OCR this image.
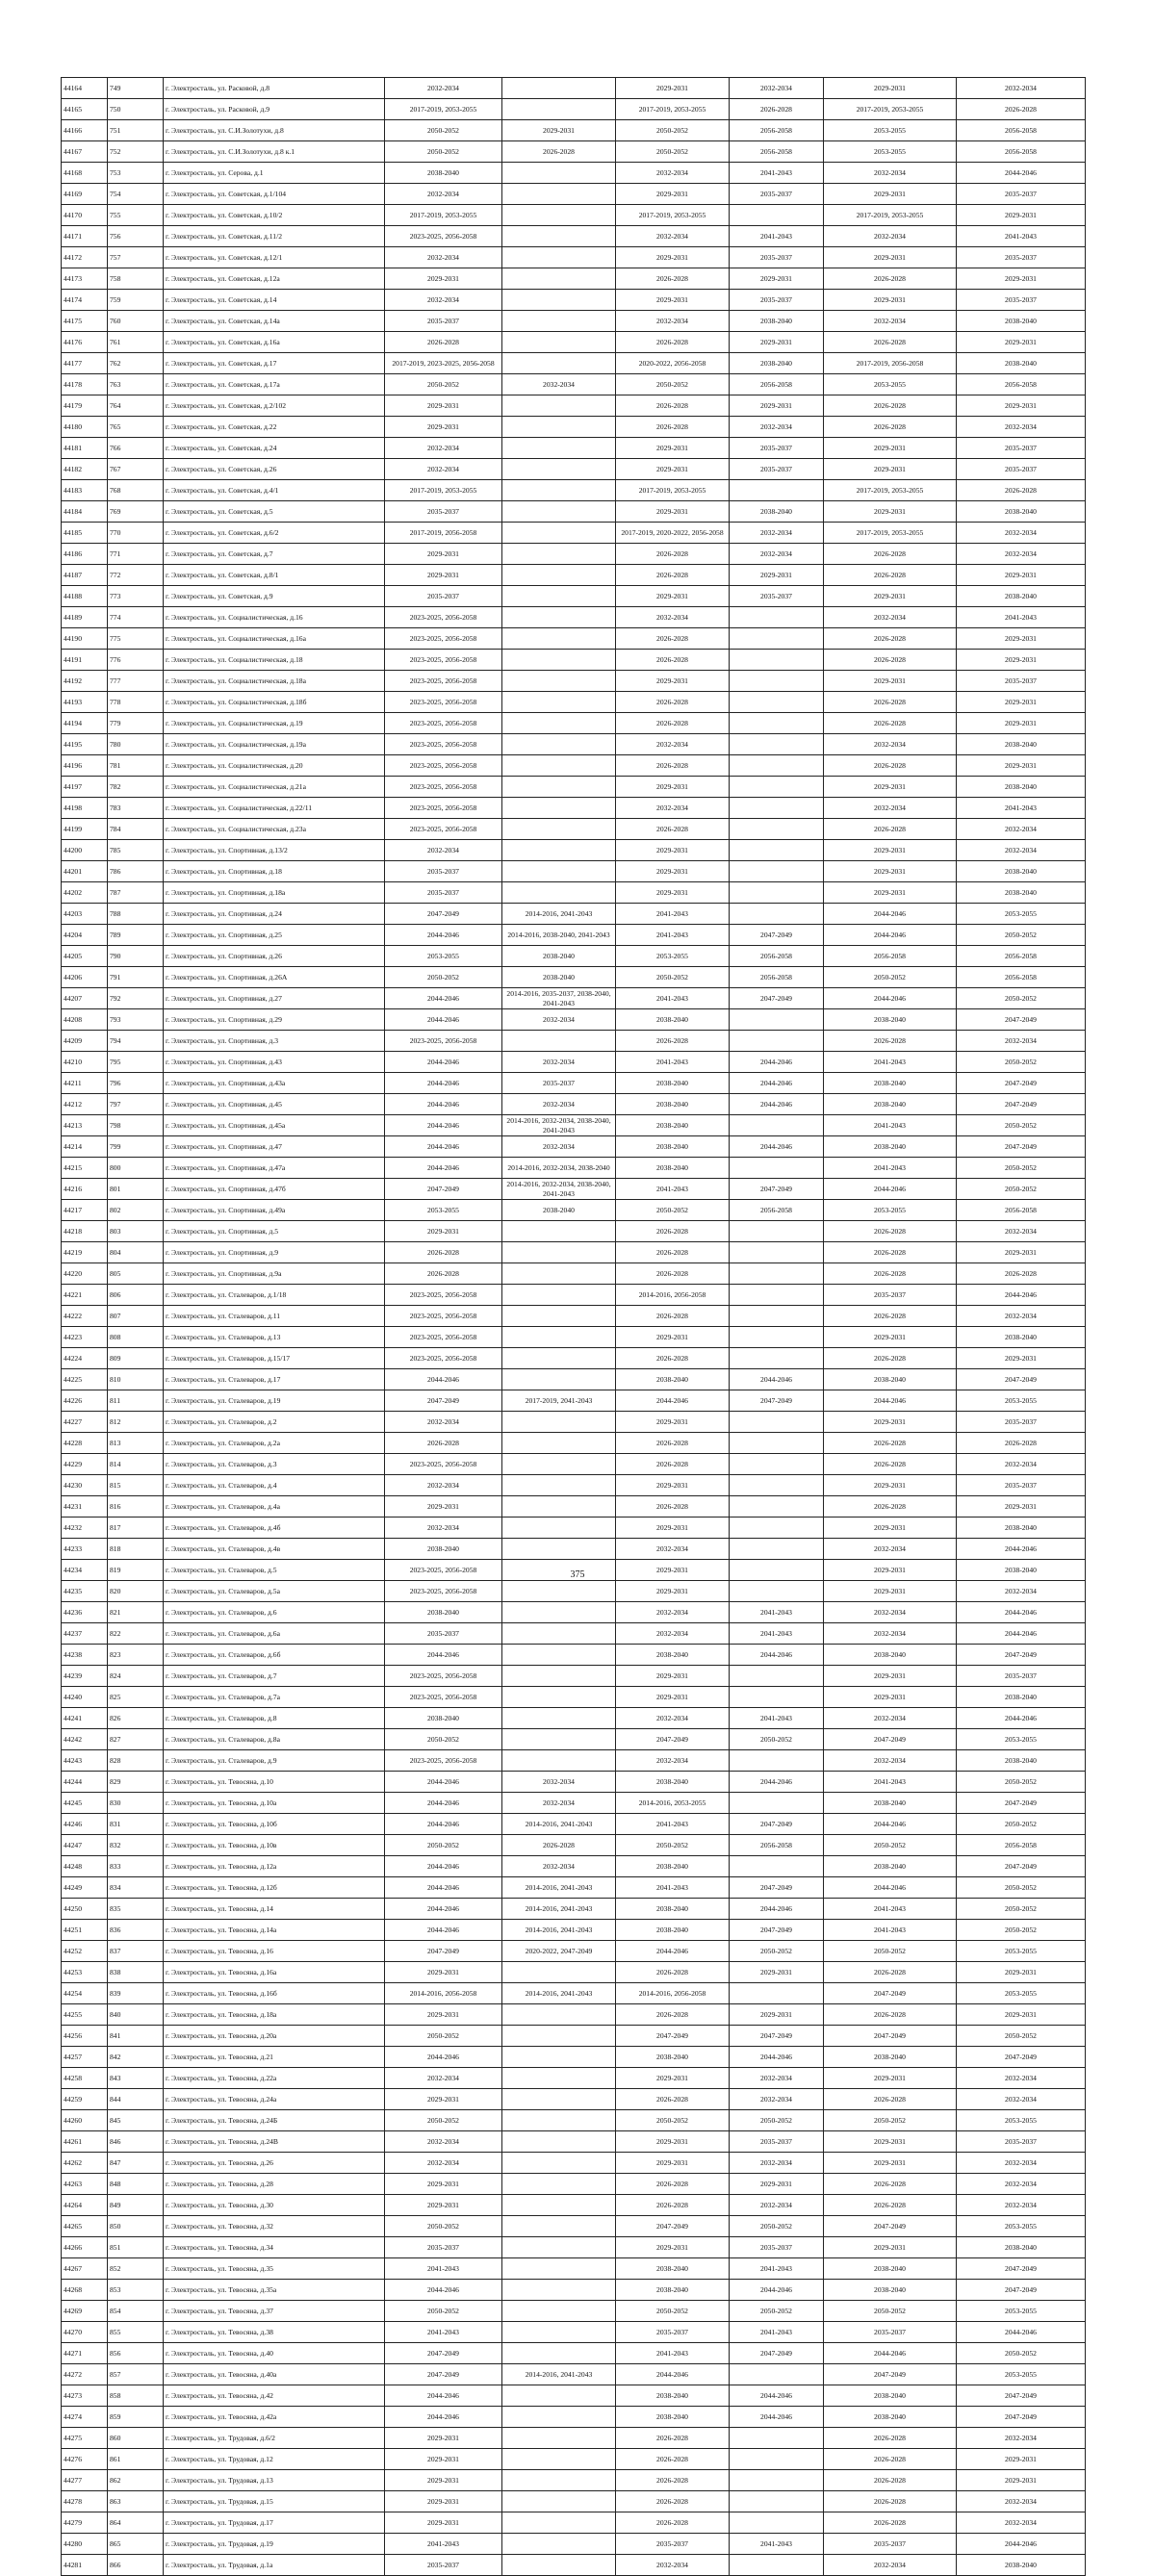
44164	749	г. Электросталь, ул. Расковой, д.8	2032-2034		2029-2031	2032-2034	2029-2031	2032-2034
44165	750	г. Электросталь, ул. Расковой, д.9	2017-2019, 2053-2055		2017-2019, 2053-2055	2026-2028	2017-2019, 2053-2055	2026-2028
44166	751	г. Электросталь, ул. С.И.Золотухи, д.8	2050-2052	2029-2031	2050-2052	2056-2058	2053-2055	2056-2058
44167	752	г. Электросталь, ул. С.И.Золотухи, д.8 к.1	2050-2052	2026-2028	2050-2052	2056-2058	2053-2055	2056-2058
44168	753	г. Электросталь, ул. Серова, д.1	2038-2040		2032-2034	2041-2043	2032-2034	2044-2046
44169	754	г. Электросталь, ул. Советская, д.1/104	2032-2034		2029-2031	2035-2037	2029-2031	2035-2037
44170	755	г. Электросталь, ул. Советская, д.10/2	2017-2019, 2053-2055		2017-2019, 2053-2055		2017-2019, 2053-2055	2029-2031
44171	756	г. Электросталь, ул. Советская, д.11/2	2023-2025, 2056-2058		2032-2034	2041-2043	2032-2034	2041-2043
44172	757	г. Электросталь, ул. Советская, д.12/1	2032-2034		2029-2031	2035-2037	2029-2031	2035-2037
44173	758	г. Электросталь, ул. Советская, д.12а	2029-2031		2026-2028	2029-2031	2026-2028	2029-2031
44174	759	г. Электросталь, ул. Советская, д.14	2032-2034		2029-2031	2035-2037	2029-2031	2035-2037
44175	760	г. Электросталь, ул. Советская, д.14а	2035-2037		2032-2034	2038-2040	2032-2034	2038-2040
44176	761	г. Электросталь, ул. Советская, д.16а	2026-2028		2026-2028	2029-2031	2026-2028	2029-2031
44177	762	г. Электросталь, ул. Советская, д.17	2017-2019, 2023-2025, 2056-2058		2020-2022, 2056-2058	2038-2040	2017-2019, 2056-2058	2038-2040
44178	763	г. Электросталь, ул. Советская, д.17а	2050-2052	2032-2034	2050-2052	2056-2058	2053-2055	2056-2058
44179	764	г. Электросталь, ул. Советская, д.2/102	2029-2031		2026-2028	2029-2031	2026-2028	2029-2031
44180	765	г. Электросталь, ул. Советская, д.22	2029-2031		2026-2028	2032-2034	2026-2028	2032-2034
44181	766	г. Электросталь, ул. Советская, д.24	2032-2034		2029-2031	2035-2037	2029-2031	2035-2037
44182	767	г. Электросталь, ул. Советская, д.26	2032-2034		2029-2031	2035-2037	2029-2031	2035-2037
44183	768	г. Электросталь, ул. Советская, д.4/1	2017-2019, 2053-2055		2017-2019, 2053-2055		2017-2019, 2053-2055	2026-2028
44184	769	г. Электросталь, ул. Советская, д.5	2035-2037		2029-2031	2038-2040	2029-2031	2038-2040
44185	770	г. Электросталь, ул. Советская, д.6/2	2017-2019, 2056-2058		2017-2019, 2020-2022, 2056-2058	2032-2034	2017-2019, 2053-2055	2032-2034
44186	771	г. Электросталь, ул. Советская, д.7	2029-2031		2026-2028	2032-2034	2026-2028	2032-2034
44187	772	г. Электросталь, ул. Советская, д.8/1	2029-2031		2026-2028	2029-2031	2026-2028	2029-2031
44188	773	г. Электросталь, ул. Советская, д.9	2035-2037		2029-2031	2035-2037	2029-2031	2038-2040
44189	774	г. Электросталь, ул. Социалистическая, д.16	2023-2025, 2056-2058		2032-2034		2032-2034	2041-2043
44190	775	г. Электросталь, ул. Социалистическая, д.16а	2023-2025, 2056-2058		2026-2028		2026-2028	2029-2031
44191	776	г. Электросталь, ул. Социалистическая, д.18	2023-2025, 2056-2058		2026-2028		2026-2028	2029-2031
44192	777	г. Электросталь, ул. Социалистическая, д.18а	2023-2025, 2056-2058		2029-2031		2029-2031	2035-2037
44193	778	г. Электросталь, ул. Социалистическая, д.18б	2023-2025, 2056-2058		2026-2028		2026-2028	2029-2031
44194	779	г. Электросталь, ул. Социалистическая, д.19	2023-2025, 2056-2058		2026-2028		2026-2028	2029-2031
44195	780	г. Электросталь, ул. Социалистическая, д.19а	2023-2025, 2056-2058		2032-2034		2032-2034	2038-2040
44196	781	г. Электросталь, ул. Социалистическая, д.20	2023-2025, 2056-2058		2026-2028		2026-2028	2029-2031
44197	782	г. Электросталь, ул. Социалистическая, д.21а	2023-2025, 2056-2058		2029-2031		2029-2031	2038-2040
44198	783	г. Электросталь, ул. Социалистическая, д.22/11	2023-2025, 2056-2058		2032-2034		2032-2034	2041-2043
44199	784	г. Электросталь, ул. Социалистическая, д.23а	2023-2025, 2056-2058		2026-2028		2026-2028	2032-2034
44200	785	г. Электросталь, ул. Спортивная, д.13/2	2032-2034		2029-2031		2029-2031	2032-2034
44201	786	г. Электросталь, ул. Спортивная, д.18	2035-2037		2029-2031		2029-2031	2038-2040
44202	787	г. Электросталь, ул. Спортивная, д.18а	2035-2037		2029-2031		2029-2031	2038-2040
44203	788	г. Электросталь, ул. Спортивная, д.24	2047-2049	2014-2016, 2041-2043	2041-2043		2044-2046	2053-2055
44204	789	г. Электросталь, ул. Спортивная, д.25	2044-2046	2014-2016, 2038-2040, 2041-2043	2041-2043	2047-2049	2044-2046	2050-2052
44205	790	г. Электросталь, ул. Спортивная, д.26	2053-2055	2038-2040	2053-2055	2056-2058	2056-2058	2056-2058
44206	791	г. Электросталь, ул. Спортивная, д.26А	2050-2052	2038-2040	2050-2052	2056-2058	2050-2052	2056-2058
44207	792	г. Электросталь, ул. Спортивная, д.27	2044-2046	2014-2016, 2035-2037, 2038-2040, 2041-2043	2041-2043	2047-2049	2044-2046	2050-2052
44208	793	г. Электросталь, ул. Спортивная, д.29	2044-2046	2032-2034	2038-2040		2038-2040	2047-2049
44209	794	г. Электросталь, ул. Спортивная, д.3	2023-2025, 2056-2058		2026-2028		2026-2028	2032-2034
44210	795	г. Электросталь, ул. Спортивная, д.43	2044-2046	2032-2034	2041-2043	2044-2046	2041-2043	2050-2052
44211	796	г. Электросталь, ул. Спортивная, д.43а	2044-2046	2035-2037	2038-2040	2044-2046	2038-2040	2047-2049
44212	797	г. Электросталь, ул. Спортивная, д.45	2044-2046	2032-2034	2038-2040	2044-2046	2038-2040	2047-2049
44213	798	г. Электросталь, ул. Спортивная, д.45а	2044-2046	2014-2016, 2032-2034, 2038-2040, 2041-2043	2038-2040		2041-2043	2050-2052
44214	799	г. Электросталь, ул. Спортивная, д.47	2044-2046	2032-2034	2038-2040	2044-2046	2038-2040	2047-2049
44215	800	г. Электросталь, ул. Спортивная, д.47а	2044-2046	2014-2016, 2032-2034, 2038-2040	2038-2040		2041-2043	2050-2052
44216	801	г. Электросталь, ул. Спортивная, д.47б	2047-2049	2014-2016, 2032-2034, 2038-2040, 2041-2043	2041-2043	2047-2049	2044-2046	2050-2052
44217	802	г. Электросталь, ул. Спортивная, д.49а	2053-2055	2038-2040	2050-2052	2056-2058	2053-2055	2056-2058
44218	803	г. Электросталь, ул. Спортивная, д.5	2029-2031		2026-2028		2026-2028	2032-2034
44219	804	г. Электросталь, ул. Спортивная, д.9	2026-2028		2026-2028		2026-2028	2029-2031
44220	805	г. Электросталь, ул. Спортивная, д.9а	2026-2028		2026-2028		2026-2028	2026-2028
44221	806	г. Электросталь, ул. Сталеваров, д.1/18	2023-2025, 2056-2058		2014-2016, 2056-2058		2035-2037	2044-2046
44222	807	г. Электросталь, ул. Сталеваров, д.11	2023-2025, 2056-2058		2026-2028		2026-2028	2032-2034
44223	808	г. Электросталь, ул. Сталеваров, д.13	2023-2025, 2056-2058		2029-2031		2029-2031	2038-2040
44224	809	г. Электросталь, ул. Сталеваров, д.15/17	2023-2025, 2056-2058		2026-2028		2026-2028	2029-2031
44225	810	г. Электросталь, ул. Сталеваров, д.17	2044-2046		2038-2040	2044-2046	2038-2040	2047-2049
44226	811	г. Электросталь, ул. Сталеваров, д.19	2047-2049	2017-2019, 2041-2043	2044-2046	2047-2049	2044-2046	2053-2055
44227	812	г. Электросталь, ул. Сталеваров, д.2	2032-2034		2029-2031		2029-2031	2035-2037
44228	813	г. Электросталь, ул. Сталеваров, д.2а	2026-2028		2026-2028		2026-2028	2026-2028
44229	814	г. Электросталь, ул. Сталеваров, д.3	2023-2025, 2056-2058		2026-2028		2026-2028	2032-2034
44230	815	г. Электросталь, ул. Сталеваров, д.4	2032-2034		2029-2031		2029-2031	2035-2037
44231	816	г. Электросталь, ул. Сталеваров, д.4а	2029-2031		2026-2028		2026-2028	2029-2031
44232	817	г. Электросталь, ул. Сталеваров, д.4б	2032-2034		2029-2031		2029-2031	2038-2040
44233	818	г. Электросталь, ул. Сталеваров, д.4в	2038-2040		2032-2034		2032-2034	2044-2046
44234	819	г. Электросталь, ул. Сталеваров, д.5	2023-2025, 2056-2058		2029-2031		2029-2031	2038-2040
44235	820	г. Электросталь, ул. Сталеваров, д.5а	2023-2025, 2056-2058		2029-2031		2029-2031	2032-2034
44236	821	г. Электросталь, ул. Сталеваров, д.6	2038-2040		2032-2034	2041-2043	2032-2034	2044-2046
44237	822	г. Электросталь, ул. Сталеваров, д.6а	2035-2037		2032-2034	2041-2043	2032-2034	2044-2046
44238	823	г. Электросталь, ул. Сталеваров, д.6б	2044-2046		2038-2040	2044-2046	2038-2040	2047-2049
44239	824	г. Электросталь, ул. Сталеваров, д.7	2023-2025, 2056-2058		2029-2031		2029-2031	2035-2037
44240	825	г. Электросталь, ул. Сталеваров, д.7а	2023-2025, 2056-2058		2029-2031		2029-2031	2038-2040
44241	826	г. Электросталь, ул. Сталеваров, д.8	2038-2040		2032-2034	2041-2043	2032-2034	2044-2046
44242	827	г. Электросталь, ул. Сталеваров, д.8а	2050-2052		2047-2049	2050-2052	2047-2049	2053-2055
44243	828	г. Электросталь, ул. Сталеваров, д.9	2023-2025, 2056-2058		2032-2034		2032-2034	2038-2040
44244	829	г. Электросталь, ул. Тевосяна, д.10	2044-2046	2032-2034	2038-2040	2044-2046	2041-2043	2050-2052
44245	830	г. Электросталь, ул. Тевосяна, д.10а	2044-2046	2032-2034	2014-2016, 2053-2055		2038-2040	2047-2049
44246	831	г. Электросталь, ул. Тевосяна, д.10б	2044-2046	2014-2016, 2041-2043	2041-2043	2047-2049	2044-2046	2050-2052
44247	832	г. Электросталь, ул. Тевосяна, д.10в	2050-2052	2026-2028	2050-2052	2056-2058	2050-2052	2056-2058
44248	833	г. Электросталь, ул. Тевосяна, д.12а	2044-2046	2032-2034	2038-2040		2038-2040	2047-2049
44249	834	г. Электросталь, ул. Тевосяна, д.12б	2044-2046	2014-2016, 2041-2043	2041-2043	2047-2049	2044-2046	2050-2052
44250	835	г. Электросталь, ул. Тевосяна, д.14	2044-2046	2014-2016, 2041-2043	2038-2040	2044-2046	2041-2043	2050-2052
44251	836	г. Электросталь, ул. Тевосяна, д.14а	2044-2046	2014-2016, 2041-2043	2038-2040	2047-2049	2041-2043	2050-2052
44252	837	г. Электросталь, ул. Тевосяна, д.16	2047-2049	2020-2022, 2047-2049	2044-2046	2050-2052	2050-2052	2053-2055
44253	838	г. Электросталь, ул. Тевосяна, д.16а	2029-2031		2026-2028	2029-2031	2026-2028	2029-2031
44254	839	г. Электросталь, ул. Тевосяна, д.16б	2014-2016, 2056-2058	2014-2016, 2041-2043	2014-2016, 2056-2058		2047-2049	2053-2055
44255	840	г. Электросталь, ул. Тевосяна, д.18а	2029-2031		2026-2028	2029-2031	2026-2028	2029-2031
44256	841	г. Электросталь, ул. Тевосяна, д.20а	2050-2052		2047-2049	2047-2049	2047-2049	2050-2052
44257	842	г. Электросталь, ул. Тевосяна, д.21	2044-2046		2038-2040	2044-2046	2038-2040	2047-2049
44258	843	г. Электросталь, ул. Тевосяна, д.22а	2032-2034		2029-2031	2032-2034	2029-2031	2032-2034
44259	844	г. Электросталь, ул. Тевосяна, д.24а	2029-2031		2026-2028	2032-2034	2026-2028	2032-2034
44260	845	г. Электросталь, ул. Тевосяна, д.24Б	2050-2052		2050-2052	2050-2052	2050-2052	2053-2055
44261	846	г. Электросталь, ул. Тевосяна, д.24В	2032-2034		2029-2031	2035-2037	2029-2031	2035-2037
44262	847	г. Электросталь, ул. Тевосяна, д.26	2032-2034		2029-2031	2032-2034	2029-2031	2032-2034
44263	848	г. Электросталь, ул. Тевосяна, д.28	2029-2031		2026-2028	2029-2031	2026-2028	2032-2034
44264	849	г. Электросталь, ул. Тевосяна, д.30	2029-2031		2026-2028	2032-2034	2026-2028	2032-2034
44265	850	г. Электросталь, ул. Тевосяна, д.32	2050-2052		2047-2049	2050-2052	2047-2049	2053-2055
44266	851	г. Электросталь, ул. Тевосяна, д.34	2035-2037		2029-2031	2035-2037	2029-2031	2038-2040
44267	852	г. Электросталь, ул. Тевосяна, д.35	2041-2043		2038-2040	2041-2043	2038-2040	2047-2049
44268	853	г. Электросталь, ул. Тевосяна, д.35а	2044-2046		2038-2040	2044-2046	2038-2040	2047-2049
44269	854	г. Электросталь, ул. Тевосяна, д.37	2050-2052		2050-2052	2050-2052	2050-2052	2053-2055
44270	855	г. Электросталь, ул. Тевосяна, д.38	2041-2043		2035-2037	2041-2043	2035-2037	2044-2046
44271	856	г. Электросталь, ул. Тевосяна, д.40	2047-2049		2041-2043	2047-2049	2044-2046	2050-2052
44272	857	г. Электросталь, ул. Тевосяна, д.40а	2047-2049	2014-2016, 2041-2043	2044-2046		2047-2049	2053-2055
44273	858	г. Электросталь, ул. Тевосяна, д.42	2044-2046		2038-2040	2044-2046	2038-2040	2047-2049
44274	859	г. Электросталь, ул. Тевосяна, д.42а	2044-2046		2038-2040	2044-2046	2038-2040	2047-2049
44275	860	г. Электросталь, ул. Трудовая, д.6/2	2029-2031		2026-2028		2026-2028	2032-2034
44276	861	г. Электросталь, ул. Трудовая, д.12	2029-2031		2026-2028		2026-2028	2029-2031
44277	862	г. Электросталь, ул. Трудовая, д.13	2029-2031		2026-2028		2026-2028	2029-2031
44278	863	г. Электросталь, ул. Трудовая, д.15	2029-2031		2026-2028		2026-2028	2032-2034
44279	864	г. Электросталь, ул. Трудовая, д.17	2029-2031		2026-2028		2026-2028	2032-2034
44280	865	г. Электросталь, ул. Трудовая, д.19	2041-2043		2035-2037	2041-2043	2035-2037	2044-2046
44281	866	г. Электросталь, ул. Трудовая, д.1а	2035-2037		2032-2034		2032-2034	2038-2040
375
